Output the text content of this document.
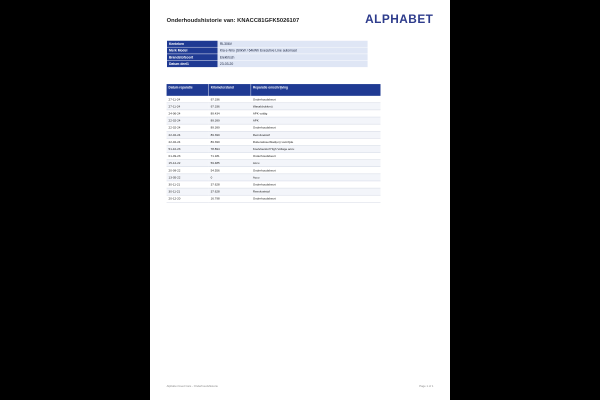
Onderhoudshistorie van: KNACC81GFK5026107 ALPHABET
Kenteken	RL306V
Merk Model	Kia e-Niro (S0kW / 64kWh Executive Line automaat
Brandstofsoort	Elektrisch
Datum deel1	23-03-20
Datum reparatie	Kilometerstand	Reparatie omschrijving
27-11-24	97.336	Onderhoudsbeurt
27-11-24	97.336	Wasafdrukken)
24-06-24	89.434	APK voldig
22-02-24	89.399	APK
22-02-24	89.399	Onderhoudsbeurt
22-02-24	89.399	Remvloeistof
22-02-24	89.399	Ruitenwisserblad(en) voorzijde
51-10-23	78.894	Koelvloeistof High Voltage accu
01-09-23	71.181	Onderhoudsbeurt
15-12-22	59.485	Accu
20-09-22	54.556	Onderhoudsbeurt
13-05-22	0	Accu
30-11-21	37.628	Onderhoudsbeurt
30-11-21	37.628	Remvloeistof
20-12-20	16.798	Onderhoudsbeurt
Alphabet Used Cars - Onderhoudshistorie	Page 1 of 1
